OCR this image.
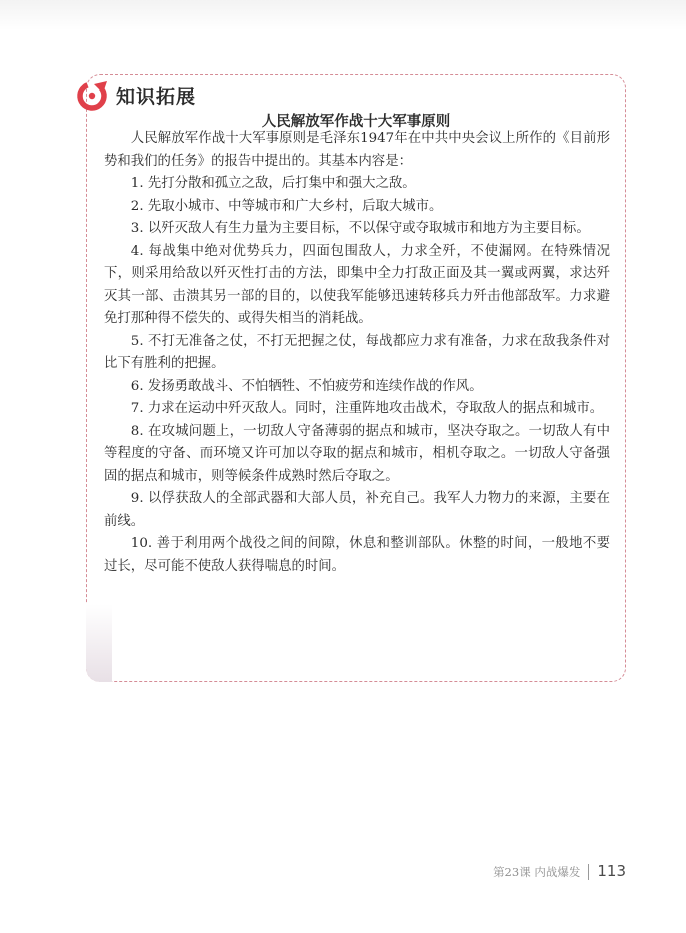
知识拓展
人民解放军作战十大军事原则

人民解放军作战十大军事原则是毛泽东1947年在中共中央会议上所作的《目前形势和我们的任务》的报告中提出的。其基本内容是：

1. 先打分散和孤立之敌，后打集中和强大之敌。

2. 先取小城市、中等城市和广大乡村，后取大城市。

3. 以歼灭敌人有生力量为主要目标，不以保守或夺取城市和地方为主要目标。

4. 每战集中绝对优势兵力，四面包围敌人，力求全歼，不使漏网。在特殊情况下，则采用给敌以歼灭性打击的方法，即集中全力打敌正面及其一翼或两翼，求达歼灭其一部、击溃其另一部的目的，以使我军能够迅速转移兵力歼击他部敌军。力求避免打那种得不偿失的、或得失相当的消耗战。

5. 不打无准备之仗，不打无把握之仗，每战都应力求有准备，力求在敌我条件对比下有胜利的把握。

6. 发扬勇敢战斗、不怕牺牲、不怕疲劳和连续作战的作风。

7. 力求在运动中歼灭敌人。同时，注重阵地攻击战术，夺取敌人的据点和城市。

8. 在攻城问题上，一切敌人守备薄弱的据点和城市，坚决夺取之。一切敌人有中等程度的守备、而环境又许可加以夺取的据点和城市，相机夺取之。一切敌人守备强固的据点和城市，则等候条件成熟时然后夺取之。

9. 以俘获敌人的全部武器和大部人员，补充自己。我军人力物力的来源，主要在前线。

10. 善于利用两个战役之间的间隙，休息和整训部队。休整的时间，一般地不要过长，尽可能不使敌人获得喘息的时间。

第23课 内战爆发	113
